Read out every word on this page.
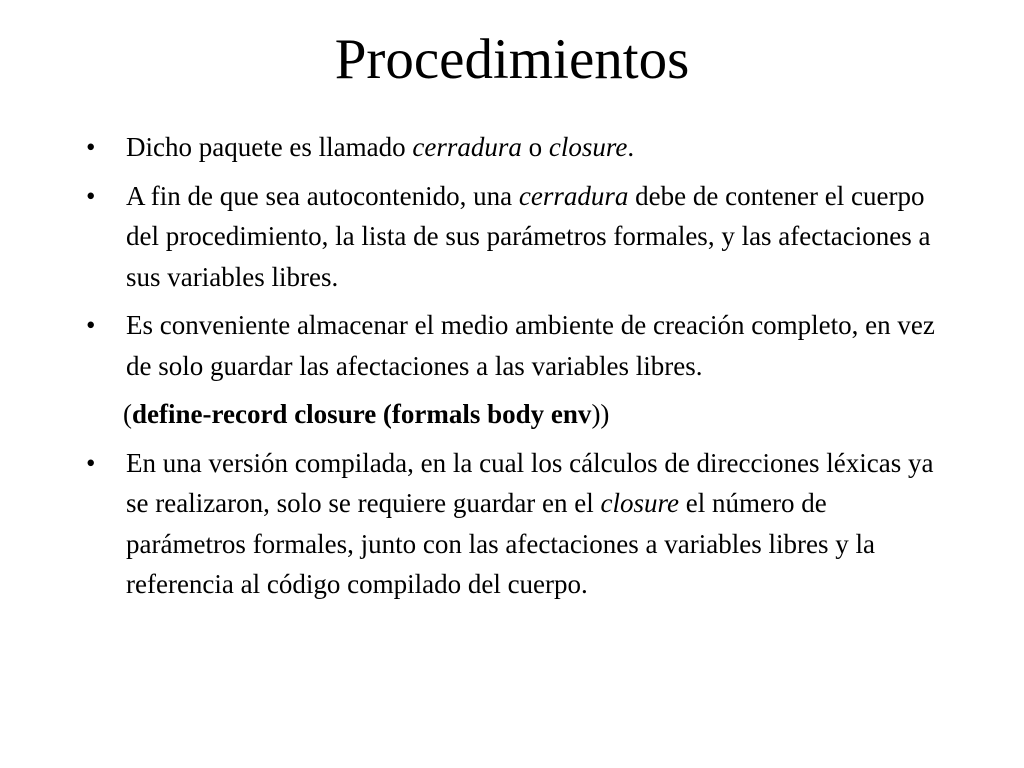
Procedimientos
•	Dicho paquete es llamado cerradura o closure.
•	A fin de que sea autocontenido, una cerradura debe de contener el cuerpo del procedimiento, la lista de sus parámetros formales, y las afectaciones a sus variables libres.
•	Es conveniente almacenar el medio ambiente de creación completo, en vez de solo guardar las afectaciones a las variables libres.
(define-record closure (formals body env))
•	En una versión compilada, en la cual los cálculos de direcciones léxicas ya se realizaron, solo se requiere guardar en el closure el número de parámetros formales, junto con las afectaciones a variables libres y la referencia al código compilado del cuerpo.
